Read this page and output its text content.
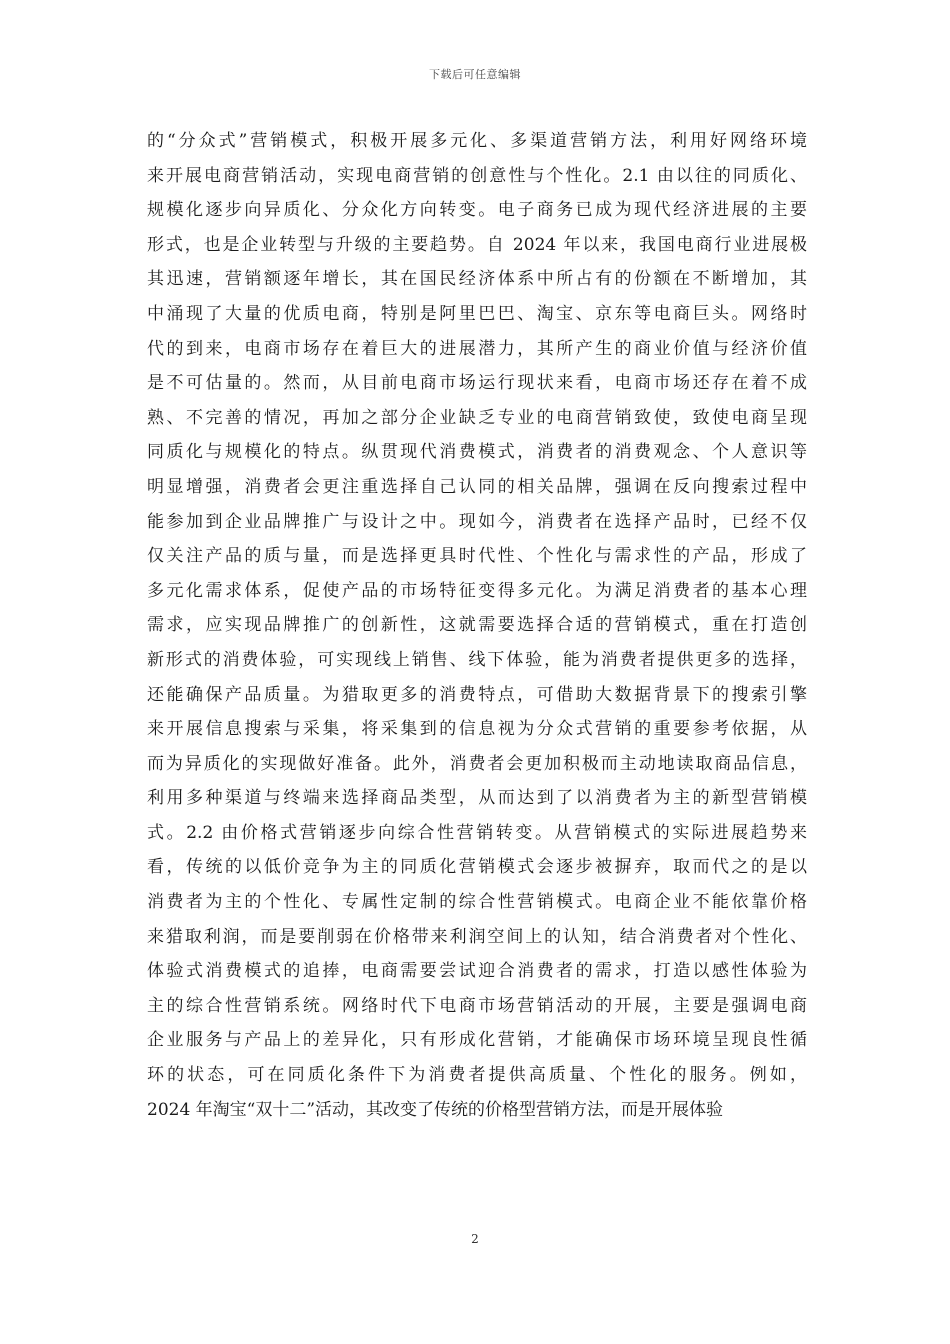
下载后可任意编辑
的“分众式”营销模式，积极开展多元化、多渠道营销方法，利用好网络环境
来开展电商营销活动，实现电商营销的创意性与个性化。2.1 由以往的同质化、
规模化逐步向异质化、分众化方向转变。电子商务已成为现代经济进展的主要
形式，也是企业转型与升级的主要趋势。自 2024 年以来，我国电商行业进展极
其迅速，营销额逐年增长，其在国民经济体系中所占有的份额在不断增加，其
中涌现了大量的优质电商，特别是阿里巴巴、淘宝、京东等电商巨头。网络时
代的到来，电商市场存在着巨大的进展潜力，其所产生的商业价值与经济价值
是不可估量的。然而，从目前电商市场运行现状来看，电商市场还存在着不成
熟、不完善的情况，再加之部分企业缺乏专业的电商营销致使，致使电商呈现
同质化与规模化的特点。纵贯现代消费模式，消费者的消费观念、个人意识等
明显增强，消费者会更注重选择自己认同的相关品牌，强调在反向搜索过程中
能参加到企业品牌推广与设计之中。现如今，消费者在选择产品时，已经不仅
仅关注产品的质与量，而是选择更具时代性、个性化与需求性的产品，形成了
多元化需求体系，促使产品的市场特征变得多元化。为满足消费者的基本心理
需求，应实现品牌推广的创新性，这就需要选择合适的营销模式，重在打造创
新形式的消费体验，可实现线上销售、线下体验，能为消费者提供更多的选择，
还能确保产品质量。为猎取更多的消费特点，可借助大数据背景下的搜索引擎
来开展信息搜索与采集，将采集到的信息视为分众式营销的重要参考依据，从
而为异质化的实现做好准备。此外，消费者会更加积极而主动地读取商品信息，
利用多种渠道与终端来选择商品类型，从而达到了以消费者为主的新型营销模
式。2.2 由价格式营销逐步向综合性营销转变。从营销模式的实际进展趋势来
看，传统的以低价竞争为主的同质化营销模式会逐步被摒弃，取而代之的是以
消费者为主的个性化、专属性定制的综合性营销模式。电商企业不能依靠价格
来猎取利润，而是要削弱在价格带来利润空间上的认知，结合消费者对个性化、
体验式消费模式的追捧，电商需要尝试迎合消费者的需求，打造以感性体验为
主的综合性营销系统。网络时代下电商市场营销活动的开展，主要是强调电商
企业服务与产品上的差异化，只有形成化营销，才能确保市场环境呈现良性循
环的状态，可在同质化条件下为消费者提供高质量、个性化的服务。例如，
2024 年淘宝“双十二”活动，其改变了传统的价格型营销方法，而是开展体验
2
